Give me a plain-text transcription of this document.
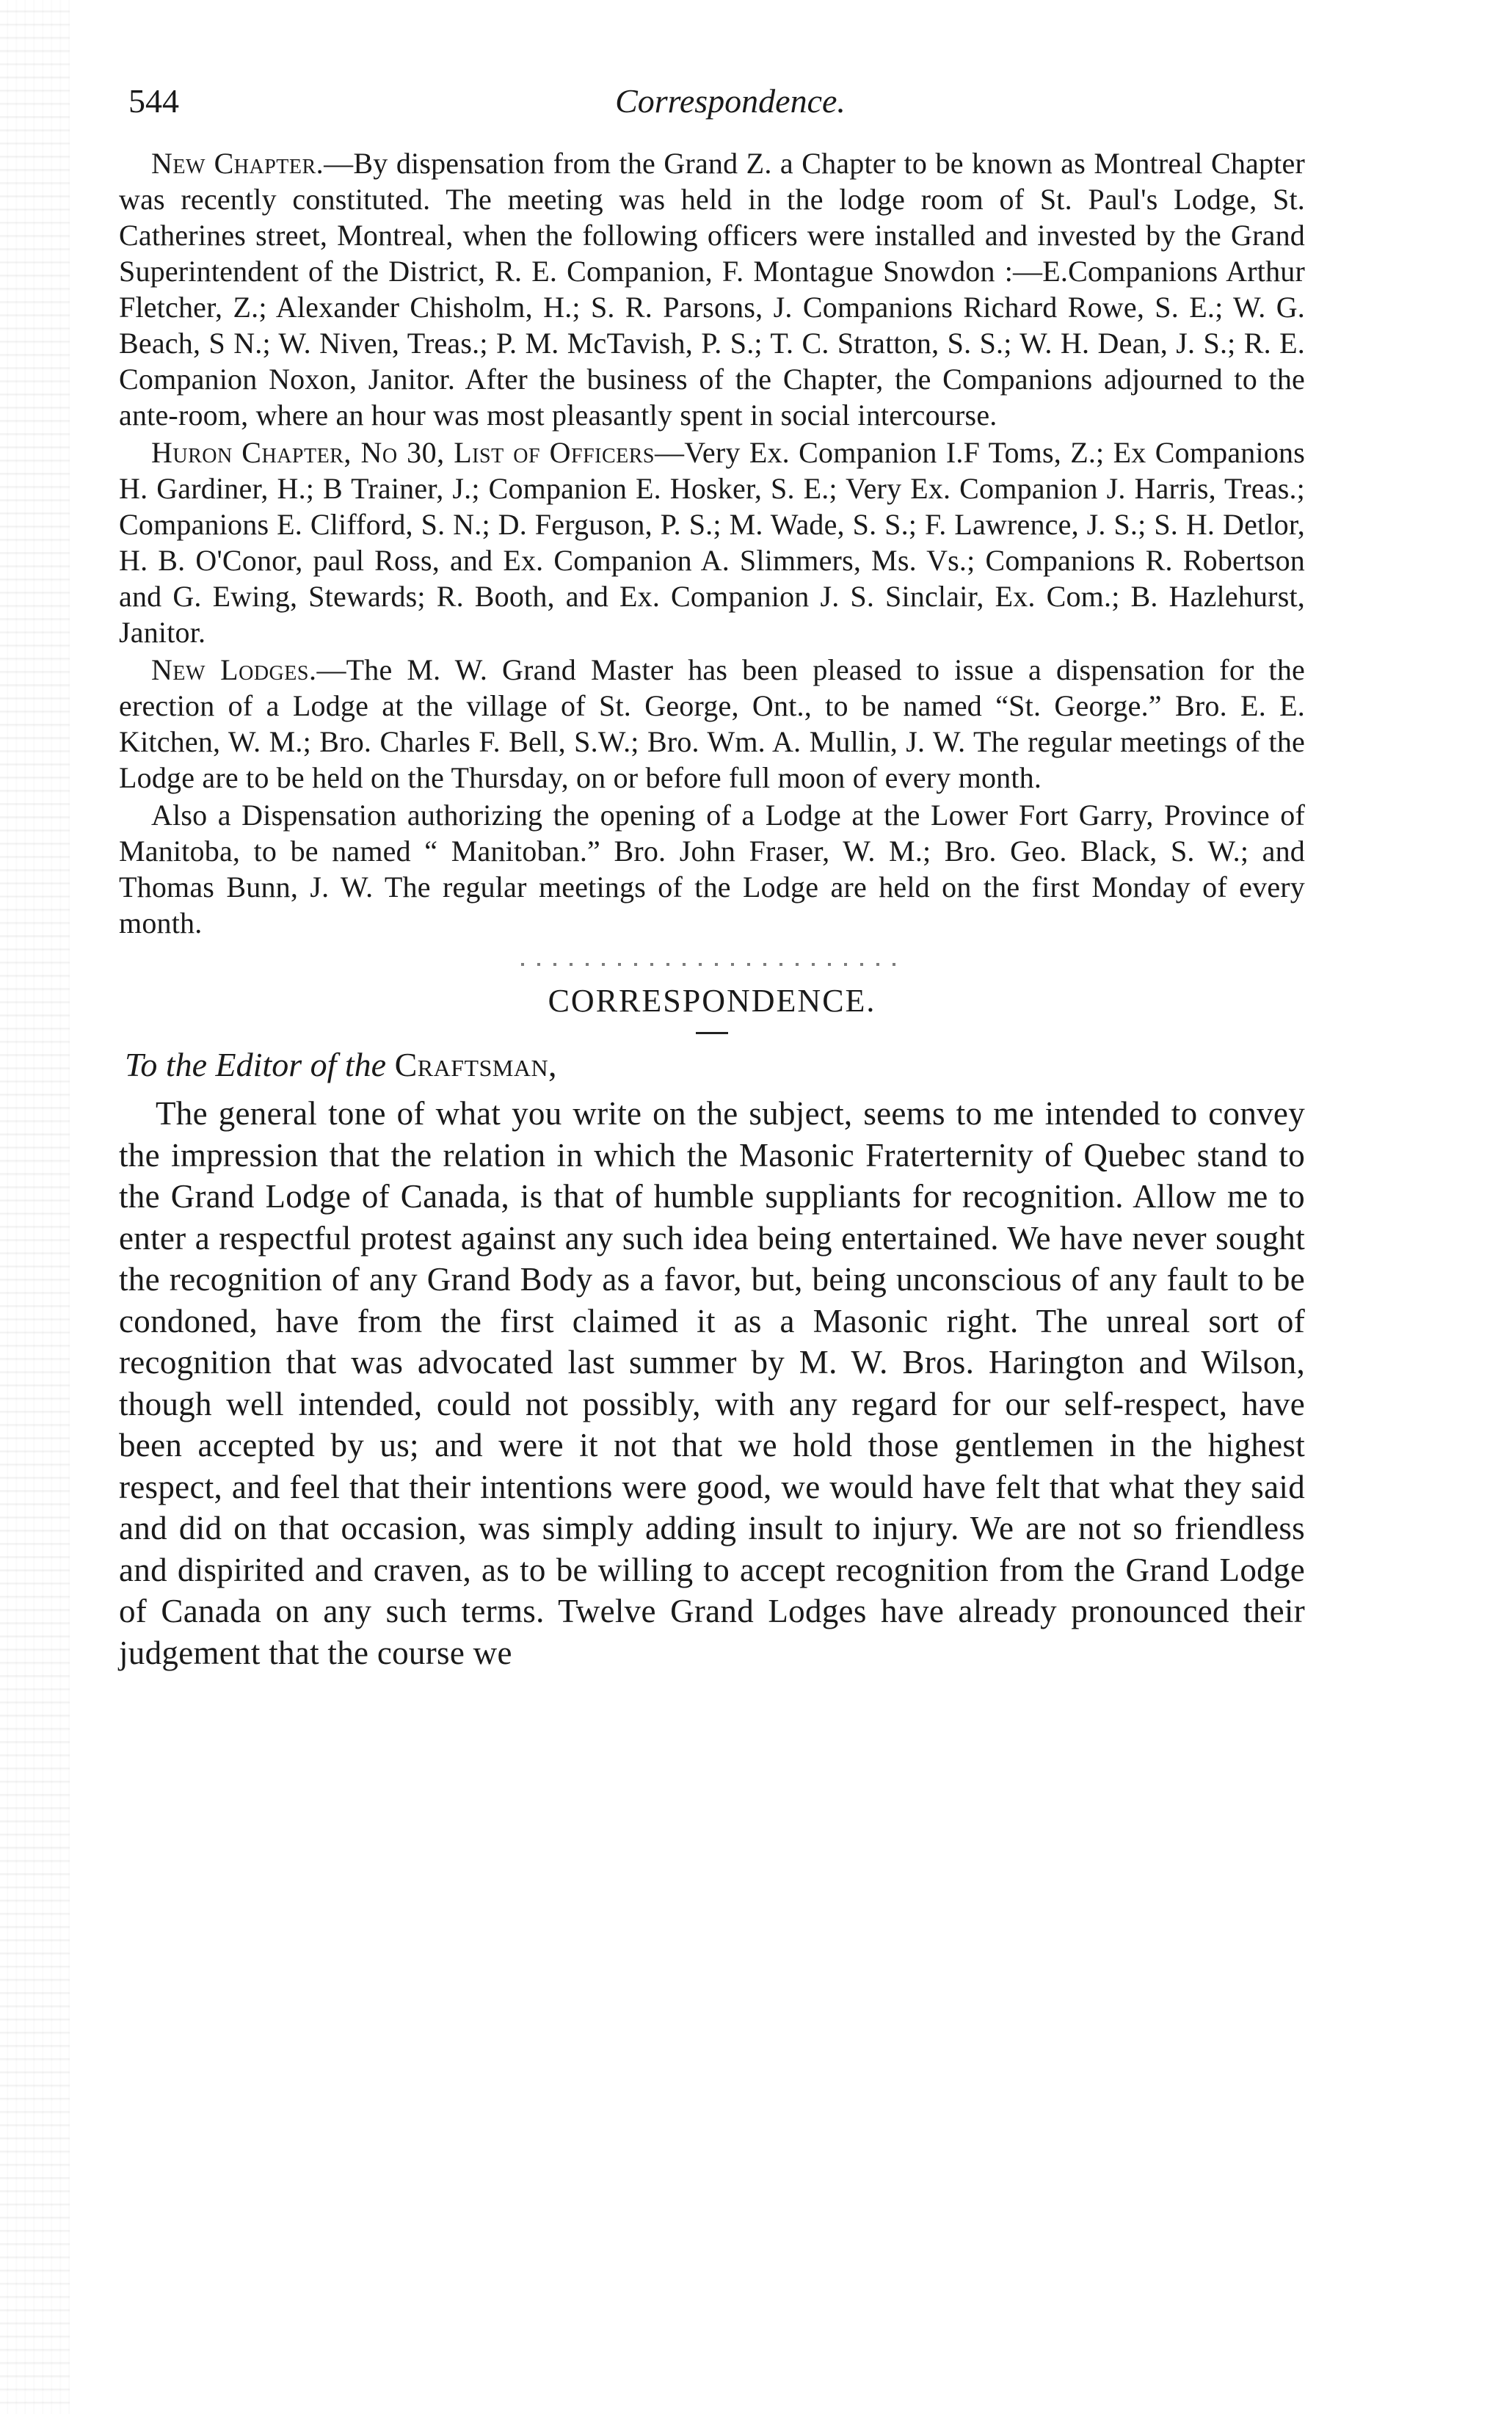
544	Correspondence.

New Chapter.—By dispensation from the Grand Z. a Chapter to be known as Montreal Chapter was recently constituted. The meeting was held in the lodge room of St. Paul's Lodge, St. Catherines street, Montreal, when the following officers were installed and invested by the Grand Superintendent of the District, R. E. Companion, F. Montague Snowdon :—E.Companions Arthur Fletcher, Z.; Alexander Chisholm, H.; S. R. Parsons, J. Companions Richard Rowe, S. E.; W. G. Beach, S N.; W. Niven, Treas.; P. M. McTavish, P. S.; T. C. Stratton, S. S.; W. H. Dean, J. S.; R. E. Companion Noxon, Janitor. After the business of the Chapter, the Companions adjourned to the ante-room, where an hour was most pleasantly spent in social intercourse.

Huron Chapter, No 30, List of Officers—Very Ex. Companion I.F Toms, Z.; Ex Companions H. Gardiner, H.; B Trainer, J.; Companion E. Hosker, S. E.; Very Ex. Companion J. Harris, Treas.; Companions E. Clifford, S. N.; D. Ferguson, P. S.; M. Wade, S. S.; F. Lawrence, J. S.; S. H. Detlor, H. B. O'Conor, paul Ross, and Ex. Companion A. Slimmers, Ms. Vs.; Companions R. Robertson and G. Ewing, Stewards; R. Booth, and Ex. Companion J. S. Sinclair, Ex. Com.; B. Hazlehurst, Janitor.

New Lodges.—The M. W. Grand Master has been pleased to issue a dispensation for the erection of a Lodge at the village of St. George, Ont., to be named “St. George.” Bro. E. E. Kitchen, W. M.; Bro. Charles F. Bell, S.W.; Bro. Wm. A. Mullin, J. W. The regular meetings of the Lodge are to be held on the Thursday, on or before full moon of every month.

Also a Dispensation authorizing the opening of a Lodge at the Lower Fort Garry, Province of Manitoba, to be named “ Manitoban.” Bro. John Fraser, W. M.; Bro. Geo. Black, S. W.; and Thomas Bunn, J. W. The regular meetings of the Lodge are held on the first Monday of every month.

CORRESPONDENCE.
To the Editor of the Craftsman,

The general tone of what you write on the subject, seems to me intended to convey the impression that the relation in which the Masonic Fraterternity of Quebec stand to the Grand Lodge of Canada, is that of humble suppliants for recognition. Allow me to enter a respectful protest against any such idea being entertained. We have never sought the recognition of any Grand Body as a favor, but, being unconscious of any fault to be condoned, have from the first claimed it as a Masonic right. The unreal sort of recognition that was advocated last summer by M. W. Bros. Harington and Wilson, though well intended, could not possibly, with any regard for our self-respect, have been accepted by us; and were it not that we hold those gentlemen in the highest respect, and feel that their intentions were good, we would have felt that what they said and did on that occasion, was simply adding insult to injury. We are not so friendless and dispirited and craven, as to be willing to accept recognition from the Grand Lodge of Canada on any such terms. Twelve Grand Lodges have already pronounced their judgement that the course we
